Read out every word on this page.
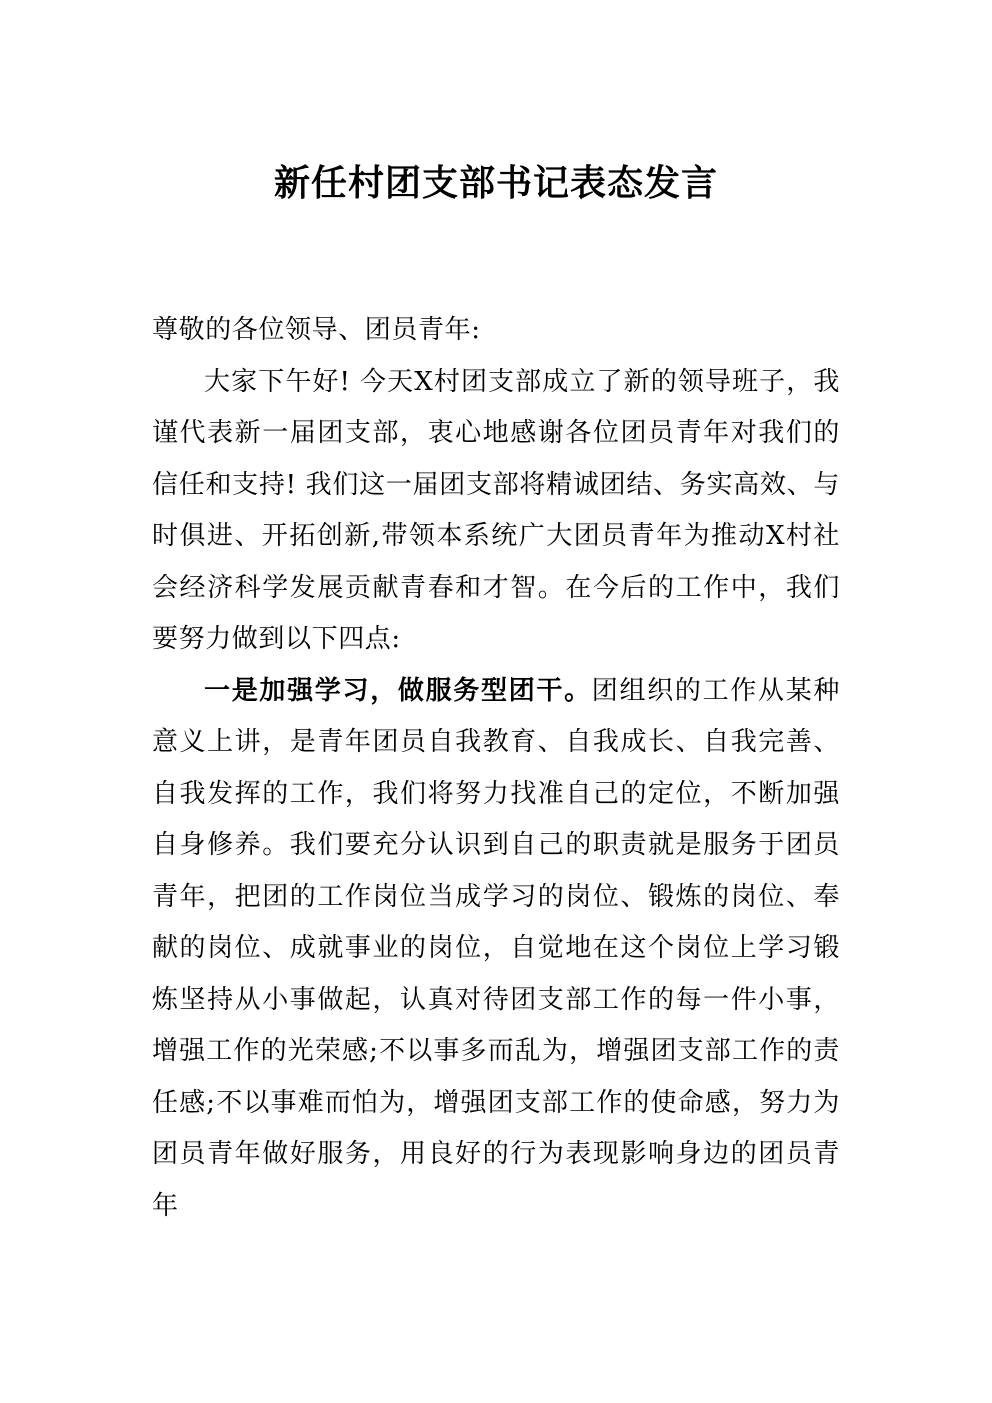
新任村团支部书记表态发言

尊敬的各位领导、团员青年:

大家下午好! 今天X村团支部成立了新的领导班子，我谨代表新一届团支部，衷心地感谢各位团员青年对我们的信任和支持! 我们这一届团支部将精诚团结、务实高效、与时俱进、开拓创新,带领本系统广大团员青年为推动X村社会经济科学发展贡献青春和才智。在今后的工作中，我们要努力做到以下四点:

一是加强学习，做服务型团干。团组织的工作从某种意义上讲，是青年团员自我教育、自我成长、自我完善、自我发挥的工作，我们将努力找准自己的定位，不断加强自身修养。我们要充分认识到自己的职责就是服务于团员青年，把团的工作岗位当成学习的岗位、锻炼的岗位、奉献的岗位、成就事业的岗位，自觉地在这个岗位上学习锻炼坚持从小事做起，认真对待团支部工作的每一件小事，增强工作的光荣感;不以事多而乱为，增强团支部工作的责任感;不以事难而怕为，增强团支部工作的使命感，努力为团员青年做好服务，用良好的行为表现影响身边的团员青年
